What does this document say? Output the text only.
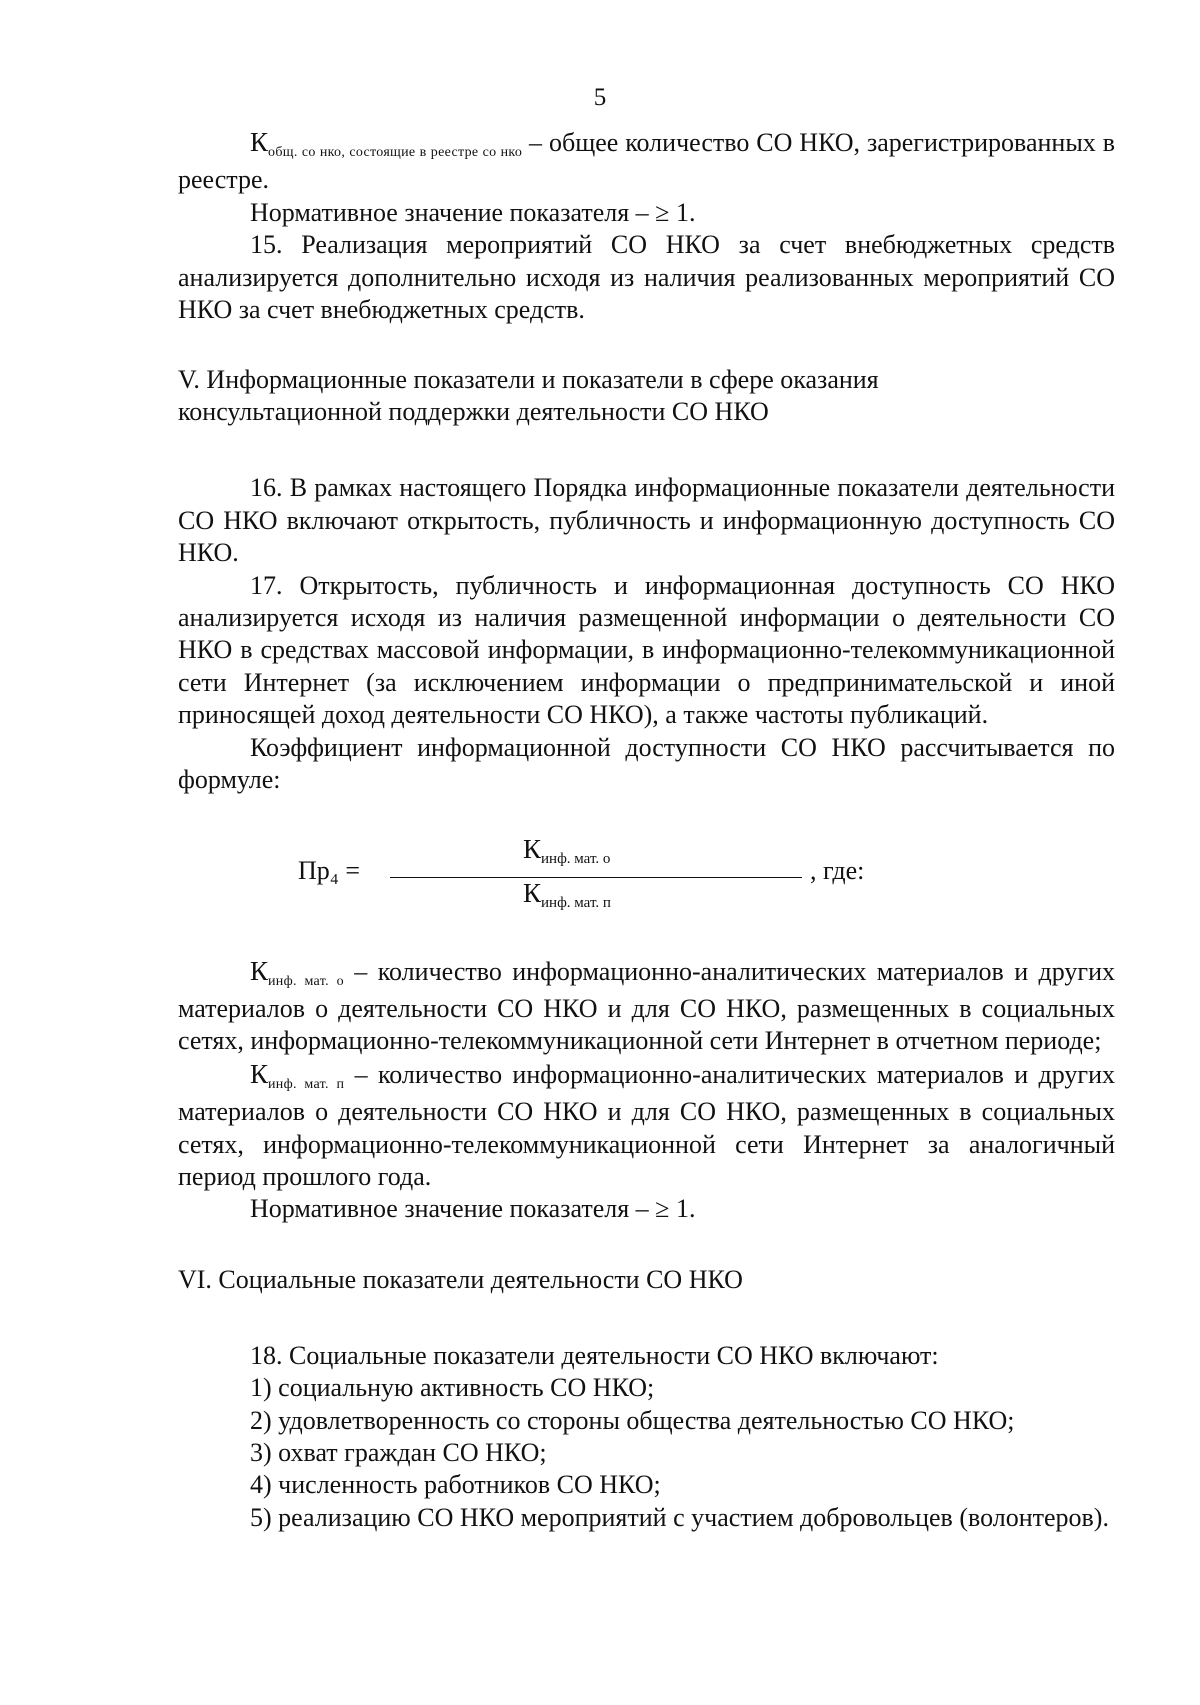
5

Кобщ. со нко, состоящие в реестре со нко – общее количество СО НКО, зарегистрированных в реестре.

Нормативное значение показателя – ≥ 1.

15. Реализация мероприятий СО НКО за счет внебюджетных средств анализируется дополнительно исходя из наличия реализованных мероприятий СО НКО за счет внебюджетных средств.

V. Информационные показатели и показатели в сфере оказания

консультационной поддержки деятельности СО НКО

16. В рамках настоящего Порядка информационные показатели деятельности СО НКО включают открытость, публичность и информационную доступность СО НКО.

17. Открытость, публичность и информационная доступность СО НКО анализируется исходя из наличия размещенной информации о деятельности СО НКО в средствах массовой информации, в информационно-телекоммуникационной сети Интернет (за исключением информации о предпринимательской и иной приносящей доход деятельности СО НКО), а также частоты публикаций.

Коэффициент информационной доступности СО НКО рассчитывается по формуле:

Пр₄ =
Кинф. мат. о
Кинф. мат. п
, где:

Кинф. мат. о – количество информационно-аналитических материалов и других материалов о деятельности СО НКО и для СО НКО, размещенных в социальных сетях, информационно-телекоммуникационной сети Интернет в отчетном периоде;

Кинф. мат. п – количество информационно-аналитических материалов и других материалов о деятельности СО НКО и для СО НКО, размещенных в социальных сетях, информационно-телекоммуникационной сети Интернет за аналогичный период прошлого года.

Нормативное значение показателя – ≥ 1.

VI. Социальные показатели деятельности СО НКО

18. Социальные показатели деятельности СО НКО включают:

1) социальную активность СО НКО;

2) удовлетворенность со стороны общества деятельностью СО НКО;

3) охват граждан СО НКО;

4) численность работников СО НКО;

5) реализацию СО НКО мероприятий с участием добровольцев (волонтеров).
